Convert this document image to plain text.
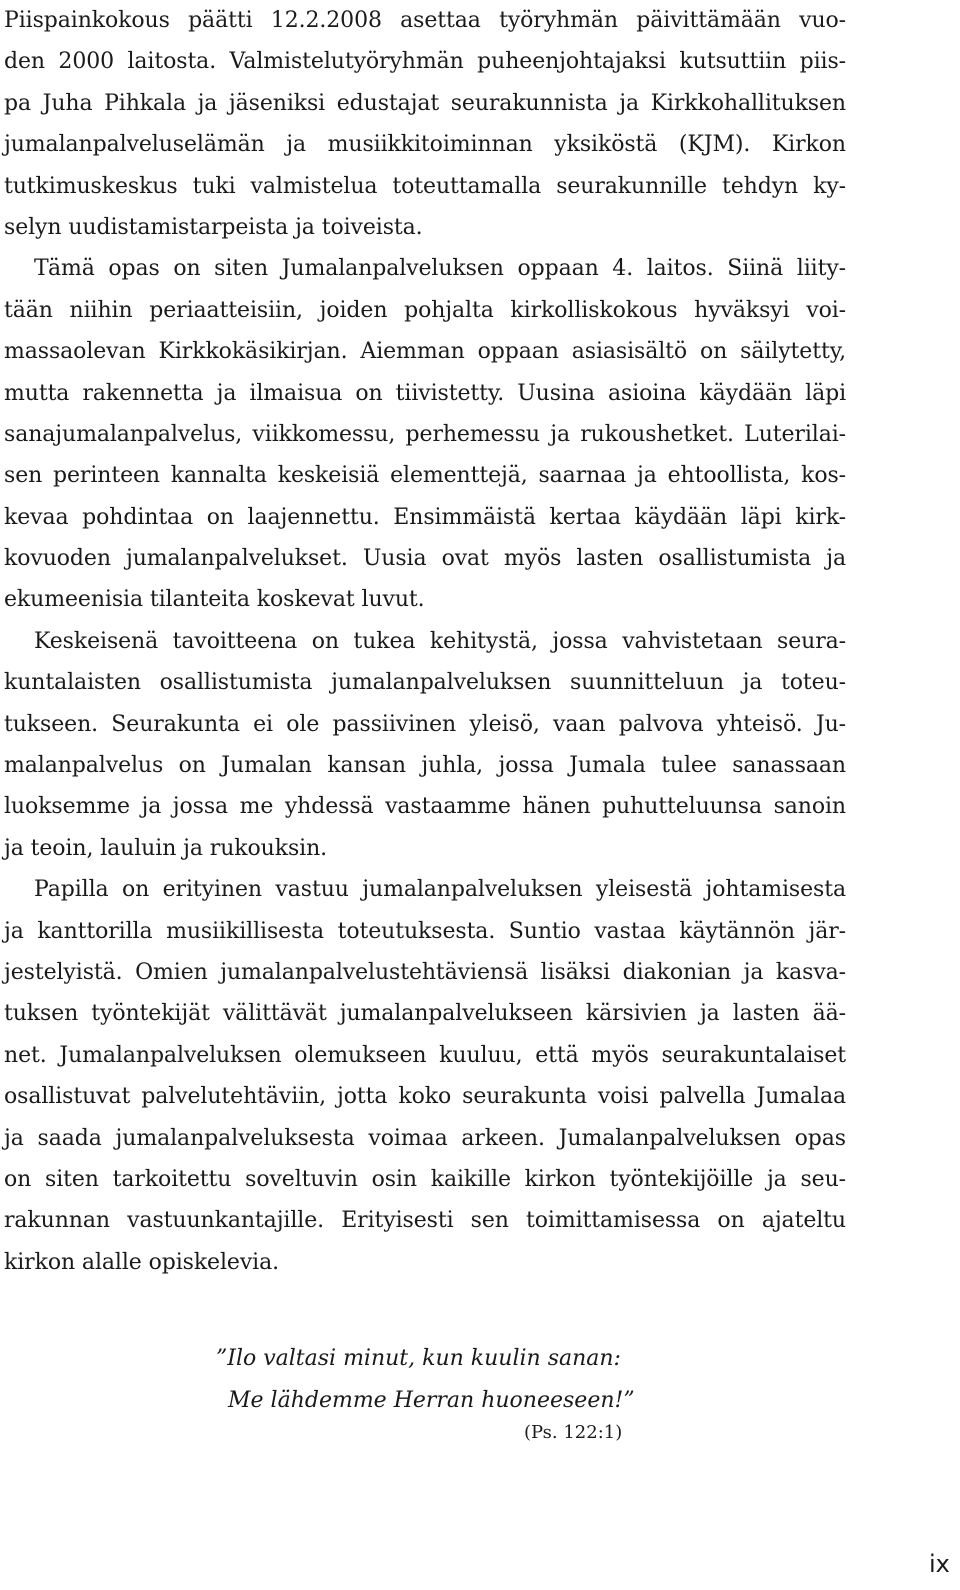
Piispainkokous päätti 12.2.2008 asettaa työryhmän päivittämään vuo-
den 2000 laitosta. Valmistelutyöryhmän puheenjohtajaksi kutsuttiin piis-
pa Juha Pihkala ja jäseniksi edustajat seurakunnista ja Kirkkohallituksen
jumalanpalveluselämän ja musiikkitoiminnan yksiköstä (KJM). Kirkon
tutkimuskeskus tuki valmistelua toteuttamalla seurakunnille tehdyn ky-
selyn uudistamistarpeista ja toiveista.
Tämä opas on siten Jumalanpalveluksen oppaan 4. laitos. Siinä liity-
tään niihin periaatteisiin, joiden pohjalta kirkolliskokous hyväksyi voi-
massaolevan Kirkkokäsikirjan. Aiemman oppaan asiasisältö on säilytetty,
mutta rakennetta ja ilmaisua on tiivistetty. Uusina asioina käydään läpi
sanajumalanpalvelus, viikkomessu, perhemessu ja rukoushetket. Luterilai-
sen perinteen kannalta keskeisiä elementtejä, saarnaa ja ehtoollista, kos-
kevaa pohdintaa on laajennettu. Ensimmäistä kertaa käydään läpi kirk-
kovuoden jumalanpalvelukset. Uusia ovat myös lasten osallistumista ja
ekumeenisia tilanteita koskevat luvut.
Keskeisenä tavoitteena on tukea kehitystä, jossa vahvistetaan seura-
kuntalaisten osallistumista jumalanpalveluksen suunnitteluun ja toteu-
tukseen. Seurakunta ei ole passiivinen yleisö, vaan palvova yhteisö. Ju-
malanpalvelus on Jumalan kansan juhla, jossa Jumala tulee sanassaan
luoksemme ja jossa me yhdessä vastaamme hänen puhutteluunsa sanoin
ja teoin, lauluin ja rukouksin.
Papilla on erityinen vastuu jumalanpalveluksen yleisestä johtamisesta
ja kanttorilla musiikillisesta toteutuksesta. Suntio vastaa käytännön jär-
jestelyistä. Omien jumalanpalvelustehtäviensä lisäksi diakonian ja kasva-
tuksen työntekijät välittävät jumalanpalvelukseen kärsivien ja lasten ää-
net. Jumalanpalveluksen olemukseen kuuluu, että myös seurakuntalaiset
osallistuvat palvelutehtäviin, jotta koko seurakunta voisi palvella Jumalaa
ja saada jumalanpalveluksesta voimaa arkeen. Jumalanpalveluksen opas
on siten tarkoitettu soveltuvin osin kaikille kirkon työntekijöille ja seu-
rakunnan vastuunkantajille. Erityisesti sen toimittamisessa on ajateltu
kirkon alalle opiskelevia.
”Ilo valtasi minut, kun kuulin sanan:
Me lähdemme Herran huoneeseen!”
(Ps. 122:1)
ix
